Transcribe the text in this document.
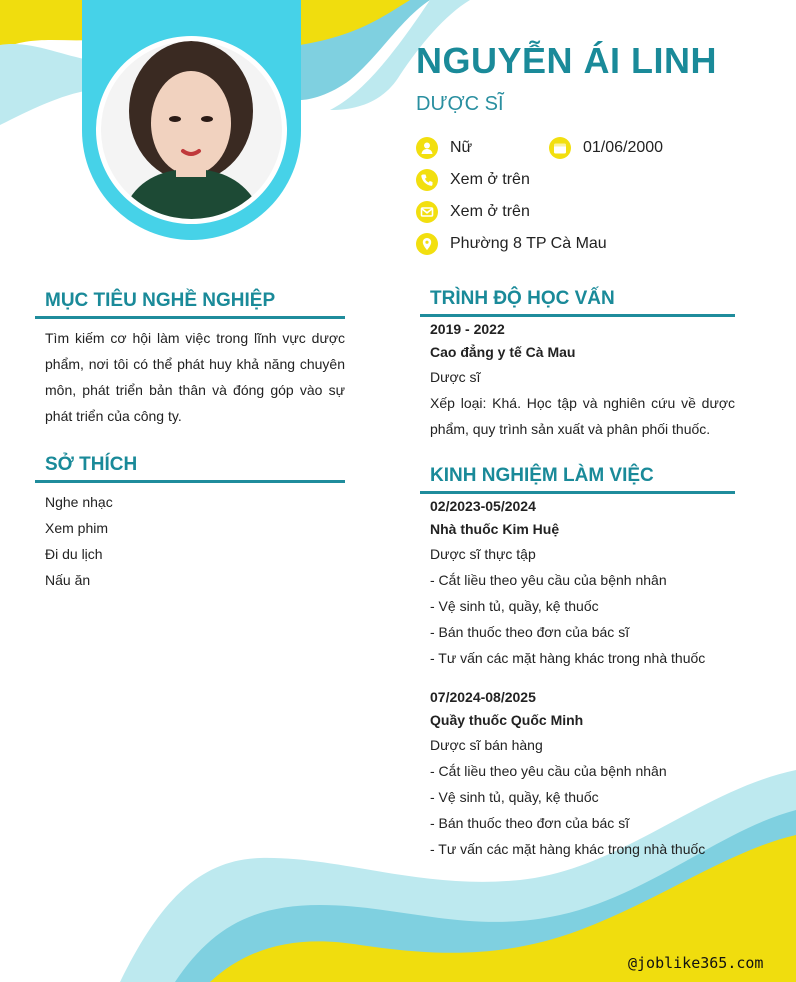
NGUYỄN ÁI LINH
DƯỢC SĨ
Nữ	01/06/2000
Xem ở trên
Xem ở trên
Phường 8 TP Cà Mau
MỤC TIÊU NGHỀ NGHIỆP
Tìm kiếm cơ hội làm việc trong lĩnh vực dược phẩm, nơi tôi có thể phát huy khả năng chuyên môn, phát triển bản thân và đóng góp vào sự phát triển của công ty.
SỞ THÍCH
Nghe nhạc
Xem phim
Đi du lịch
Nấu ăn
TRÌNH ĐỘ HỌC VẤN
2019 - 2022
Cao đẳng y tế Cà Mau
Dược sĩ
Xếp loại: Khá. Học tập và nghiên cứu về dược phẩm, quy trình sản xuất và phân phối thuốc.
KINH NGHIỆM LÀM VIỆC
02/2023-05/2024
Nhà thuốc Kim Huệ
Dược sĩ thực tập
- Cắt liều theo yêu cầu của bệnh nhân
- Vệ sinh tủ, quầy, kệ thuốc
- Bán thuốc theo đơn của bác sĩ
- Tư vấn các mặt hàng khác trong nhà thuốc
07/2024-08/2025
Quầy thuốc Quốc Minh
Dược sĩ bán hàng
- Cắt liều theo yêu cầu của bệnh nhân
- Vệ sinh tủ, quầy, kệ thuốc
- Bán thuốc theo đơn của bác sĩ
- Tư vấn các mặt hàng khác trong nhà thuốc
@joblike365.com
